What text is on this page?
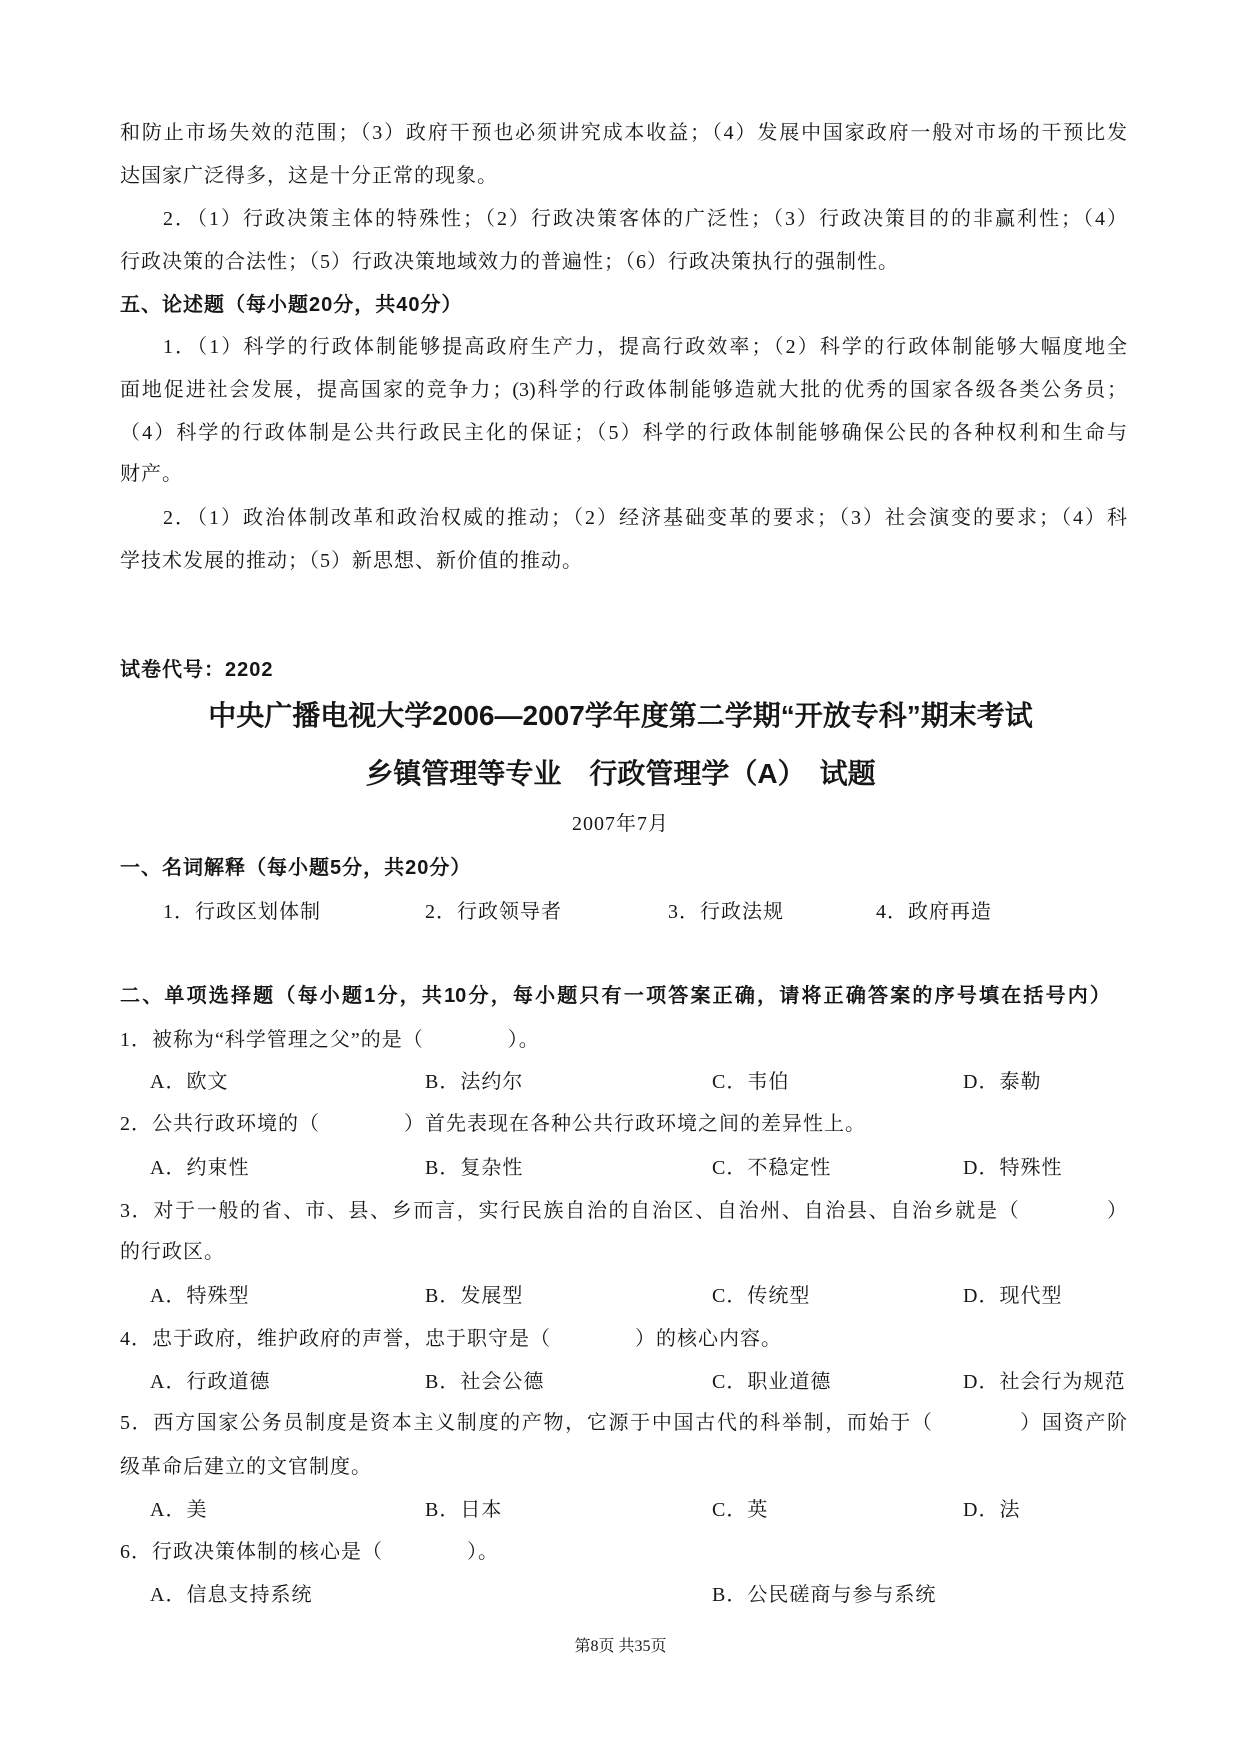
和防止市场失效的范围；（3）政府干预也必须讲究成本收益；（4）发展中国家政府一般对市场的干预比发
达国家广泛得多，这是十分正常的现象。
2．（1）行政决策主体的特殊性；（2）行政决策客体的广泛性；（3）行政决策目的的非赢利性；（4）
行政决策的合法性；（5）行政决策地域效力的普遍性；（6）行政决策执行的强制性。
五、论述题（每小题20分，共40分）
1．（1）科学的行政体制能够提高政府生产力，提高行政效率；（2）科学的行政体制能够大幅度地全
面地促进社会发展，提高国家的竞争力；(3)科学的行政体制能够造就大批的优秀的国家各级各类公务员；
（4）科学的行政体制是公共行政民主化的保证；（5）科学的行政体制能够确保公民的各种权利和生命与
财产。
2．（1）政治体制改革和政治权威的推动；（2）经济基础变革的要求；（3）社会演变的要求；（4）科
学技术发展的推动；（5）新思想、新价值的推动。
试卷代号：2202
中央广播电视大学2006—2007学年度第二学期“开放专科”期末考试
乡镇管理等专业　行政管理学（A）　试题
2007年7月
一、名词解释（每小题5分，共20分）
1．行政区划体制	2．行政领导者	3．行政法规	4．政府再造
二、单项选择题（每小题1分，共10分，每小题只有一项答案正确，请将正确答案的序号填在括号内）
1．被称为“科学管理之父”的是（　　　　）。
A．欧文	B．法约尔	C．韦伯	D．泰勒
2．公共行政环境的（　　　　）首先表现在各种公共行政环境之间的差异性上。
A．约束性	B．复杂性	C．不稳定性	D．特殊性
3．对于一般的省、市、县、乡而言，实行民族自治的自治区、自治州、自治县、自治乡就是（　　　　）
的行政区。
A．特殊型	B．发展型	C．传统型	D．现代型
4．忠于政府，维护政府的声誉，忠于职守是（　　　　）的核心内容。
A．行政道德	B．社会公德	C．职业道德	D．社会行为规范
5．西方国家公务员制度是资本主义制度的产物，它源于中国古代的科举制，而始于（　　　　）国资产阶
级革命后建立的文官制度。
A．美	B．日本	C．英	D．法
6．行政决策体制的核心是（　　　　）。
A．信息支持系统	B．公民磋商与参与系统
第8页 共35页
